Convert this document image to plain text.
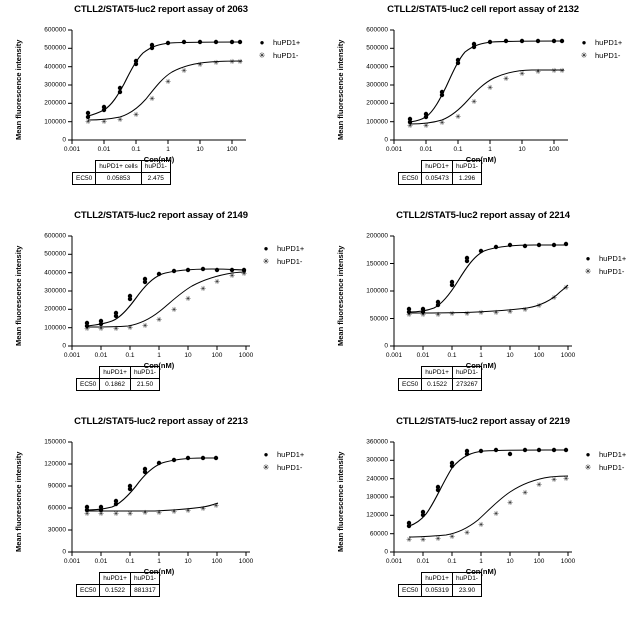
CTLL2/STAT5-luc2 report assay of 2063
✳ ✳ ✳
✳
✳
✳
✳
✳ ✳ ✳ ✳
0
100000
200000
300000
400000
500000
600000
0.001	0.01	0.1	1	10	100
Con(nM)
Mean fluorescence intensity	●	huPD1+
✳	huPD1-
	huPD1+ cells	huPD1-
EC50	0.05853	2.475
CTLL2/STAT5-luc2 cell report assay of 2132
✳ ✳ ✳
✳
✳
✳
✳
✳ ✳ ✳ ✳
0
100000
200000
300000
400000
500000
600000
0.001	0.01	0.1	1	10	100
Con(nM)
Mean fluorescence intensity	●	huPD1+
✳	huPD1-
	huPD1+	huPD1-
EC50	0.05473	1.296
CTLL2/STAT5-luc2 report assay of 2149
✳ ✳ ✳ ✳ ✳
✳
✳
✳
✳
✳
✳ ✳
0
100000
200000
300000
400000
500000
600000
0.001 0.01	0.1	1	10	100	1000
Con(nM)
Mean fluorescence intensity	●	huPD1+
✳	huPD1-
	huPD1+	huPD1-
EC50	0.1862	21.50
CTLL2/STAT5-luc2 report assay of 2214
✳ ✳ ✳ ✳ ✳ ✳ ✳ ✳ ✳
✳
✳
✳
0
50000
100000
150000
200000
0.001 0.01	0.1	1	10	100	1000
Con(nM)
Mean fluorescence intensity	●	huPD1+
✳	huPD1-
	huPD1+	huPD1-
EC50	0.1522	273267
CTLL2/STAT5-luc2 report assay of 2213
✳ ✳ ✳ ✳ ✳ ✳ ✳ ✳ ✳ ✳
0
30000
60000
90000
120000
150000
0.001 0.01	0.1	1	10	100	1000
Con(nM)
Mean fluorescence intensity	●	huPD1+
✳	huPD1-
	huPD1+	huPD1-
EC50	0.1522	881317
CTLL2/STAT5-luc2 report assay of 2219
✳ ✳ ✳ ✳
✳
✳
✳
✳
✳
✳
✳ ✳
0
60000
120000
180000
240000
300000
360000
0.001 0.01	0.1	1	10	100	1000
Con(nM)
Mean fluorescence intensity	●	huPD1+
✳	huPD1-
	huPD1+	huPD1-
EC50	0.05319	23.90
